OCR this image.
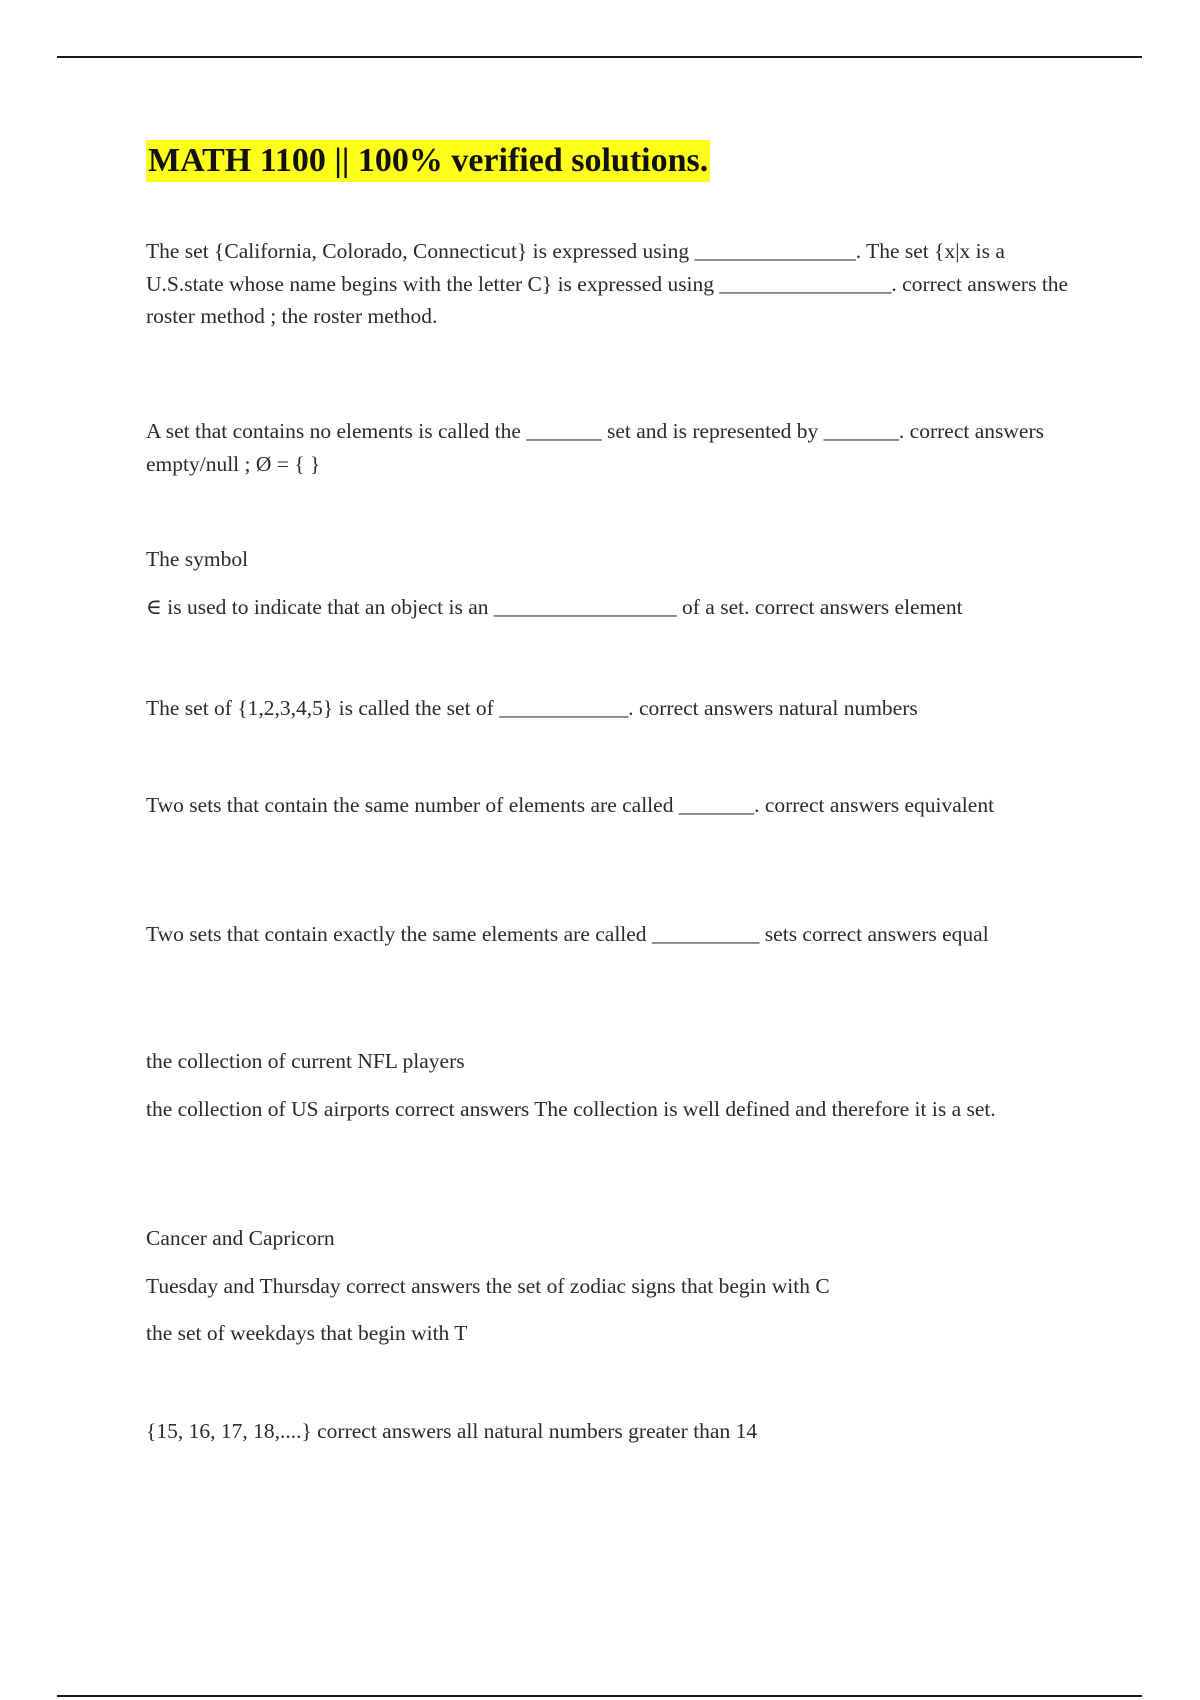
MATH 1100 || 100% verified solutions.

The set {California, Colorado, Connecticut} is expressed using _______________. The set {x|x is a U.S.state whose name begins with the letter C} is expressed using ________________. correct answers the roster method ; the roster method.

A set that contains no elements is called the _______ set and is represented by _______. correct answers empty/null ; Ø = { }

The symbol

∈ is used to indicate that an object is an _________________ of a set. correct answers element

The set of {1,2,3,4,5} is called the set of ____________. correct answers natural numbers

Two sets that contain the same number of elements are called _______. correct answers equivalent

Two sets that contain exactly the same elements are called __________ sets correct answers equal

the collection of current NFL players

the collection of US airports correct answers The collection is well defined and therefore it is a set.

Cancer and Capricorn

Tuesday and Thursday correct answers the set of zodiac signs that begin with C

the set of weekdays that begin with T

{15, 16, 17, 18,....} correct answers all natural numbers greater than 14
